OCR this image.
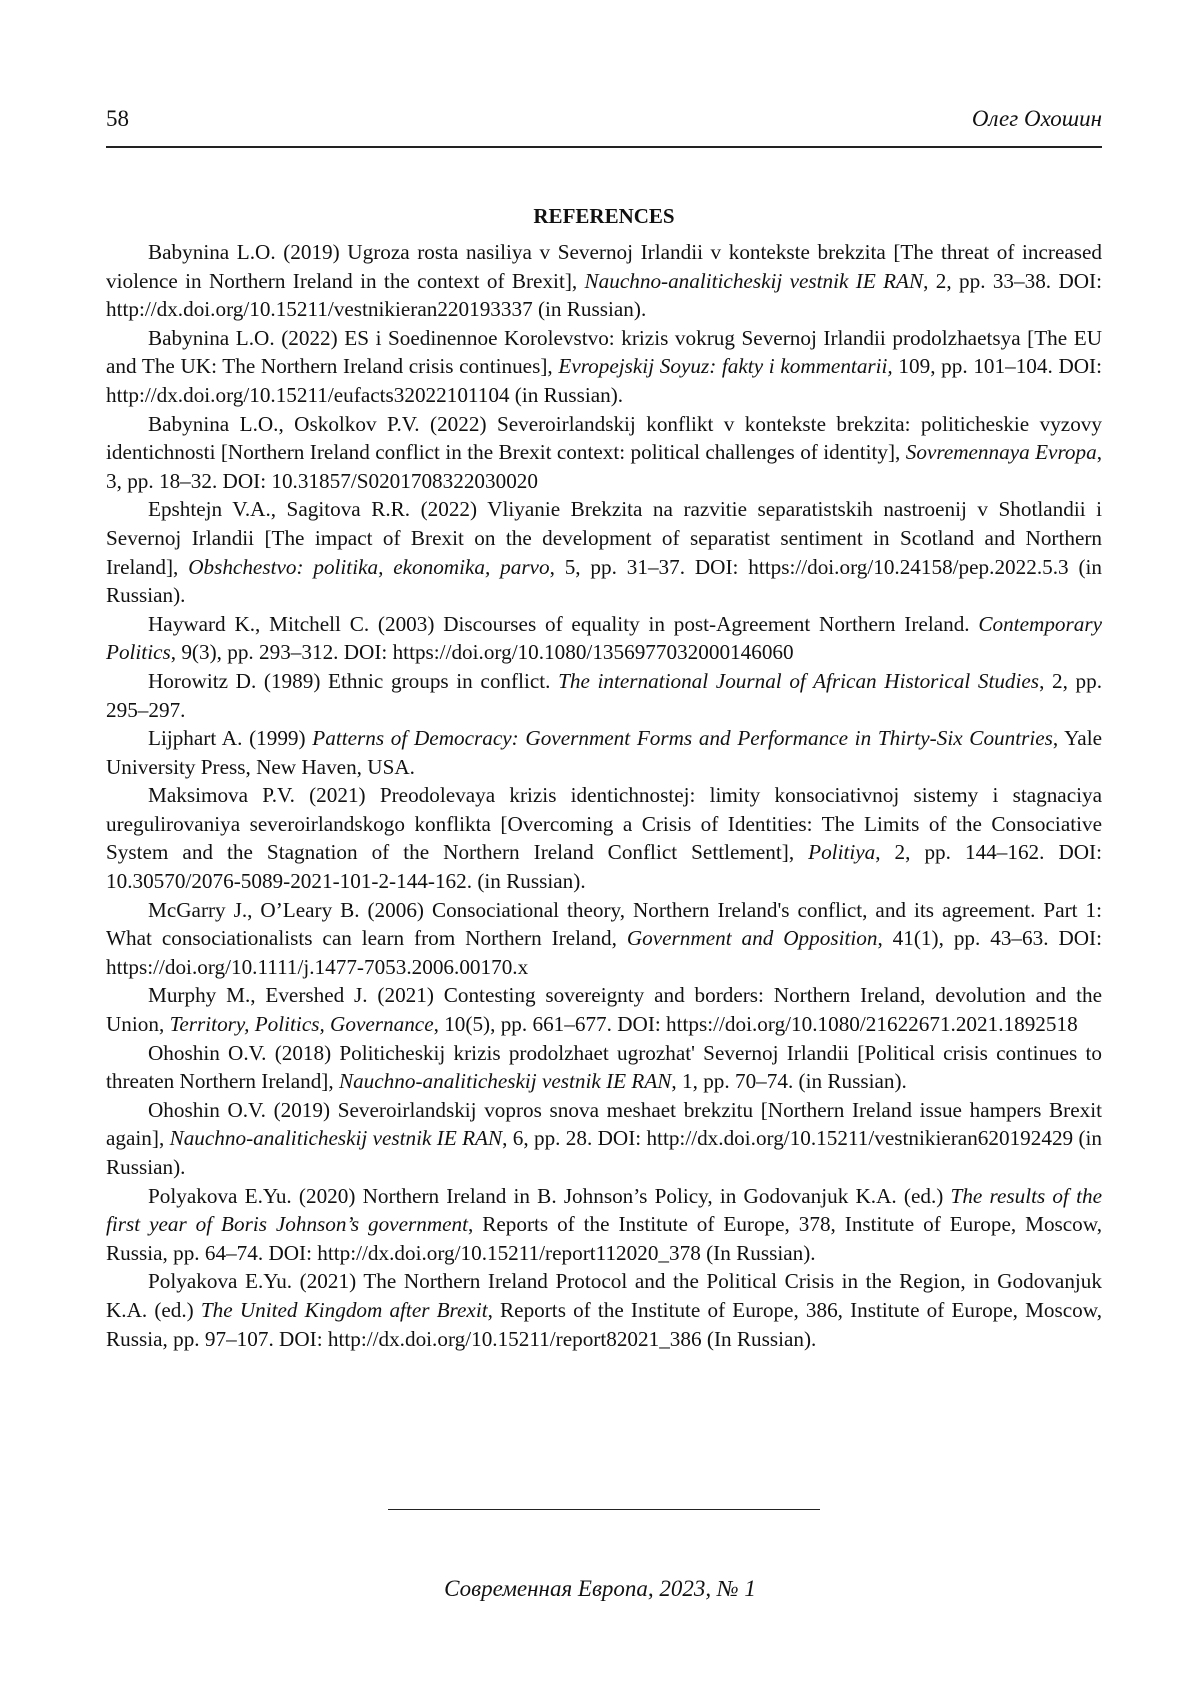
58	Олег Охошин
REFERENCES

Babynina L.O. (2019) Ugroza rosta nasiliya v Severnoj Irlandii v kontekste brekzita [The threat of increased violence in Northern Ireland in the context of Brexit], Nauchno-analiticheskij vestnik IE RAN, 2, pp. 33–38. DOI: http://dx.doi.org/10.15211/vestnikieran220193337 (in Russian).

Babynina L.O. (2022) ES i Soedinennoe Korolevstvo: krizis vokrug Severnoj Irlandii prodolzhaetsya [The EU and The UK: The Northern Ireland crisis continues], Evropejskij Soyuz: fakty i kommentarii, 109, pp. 101–104. DOI: http://dx.doi.org/10.15211/eufacts32022101104 (in Russian).

Babynina L.O., Oskolkov P.V. (2022) Severoirlandskij konflikt v kontekste brekzita: politicheskie vyzovy identichnosti [Northern Ireland conflict in the Brexit context: political challenges of identity], Sovremennaya Evropa, 3, pp. 18–32. DOI: 10.31857/S0201708322030020

Epshtejn V.A., Sagitova R.R. (2022) Vliyanie Brekzita na razvitie separatistskih nastroenij v Shotlandii i Severnoj Irlandii [The impact of Brexit on the development of separatist sentiment in Scotland and Northern Ireland], Obshchestvo: politika, ekonomika, parvo, 5, pp. 31–37. DOI: https://doi.org/10.24158/pep.2022.5.3 (in Russian).

Hayward K., Mitchell C. (2003) Discourses of equality in post-Agreement Northern Ireland. Contemporary Politics, 9(3), pp. 293–312. DOI: https://doi.org/10.1080/1356977032000146060

Horowitz D. (1989) Ethnic groups in conflict. The international Journal of African Historical Studies, 2, pp. 295–297.

Lijphart A. (1999) Patterns of Democracy: Government Forms and Performance in Thirty-Six Countries, Yale University Press, New Haven, USA.

Maksimova P.V. (2021) Preodolevaya krizis identichnostej: limity konsociativnoj sistemy i stagnaciya uregulirovaniya severoirlandskogo konflikta [Overcoming a Crisis of Identities: The Limits of the Consociative System and the Stagnation of the Northern Ireland Conflict Settlement], Politiya, 2, pp. 144–162. DOI: 10.30570/2076-5089-2021-101-2-144-162. (in Russian).

McGarry J., O’Leary B. (2006) Consociational theory, Northern Ireland's conflict, and its agreement. Part 1: What consociationalists can learn from Northern Ireland, Government and Opposition, 41(1), pp. 43–63. DOI: https://doi.org/10.1111/j.1477-7053.2006.00170.x

Murphy M., Evershed J. (2021) Contesting sovereignty and borders: Northern Ireland, devolution and the Union, Territory, Politics, Governance, 10(5), pp. 661–677. DOI: https://doi.org/10.1080/21622671.2021.1892518

Ohoshin O.V. (2018) Politicheskij krizis prodolzhaet ugrozhat' Severnoj Irlandii [Political crisis continues to threaten Northern Ireland], Nauchno-analiticheskij vestnik IE RAN, 1, pp. 70–74. (in Russian).

Ohoshin O.V. (2019) Severoirlandskij vopros snova meshaet brekzitu [Northern Ireland issue hampers Brexit again], Nauchno-analiticheskij vestnik IE RAN, 6, pp. 28. DOI: http://dx.doi.org/10.15211/vestnikieran620192429 (in Russian).

Polyakova E.Yu. (2020) Northern Ireland in B. Johnson’s Policy, in Godovanjuk K.A. (ed.) The results of the first year of Boris Johnson’s government, Reports of the Institute of Europe, 378, Institute of Europe, Moscow, Russia, pp. 64–74. DOI: http://dx.doi.org/10.15211/report112020_378 (In Russian).

Polyakova E.Yu. (2021) The Northern Ireland Protocol and the Political Crisis in the Region, in Godovanjuk K.A. (ed.) The United Kingdom after Brexit, Reports of the Institute of Europe, 386, Institute of Europe, Moscow, Russia, pp. 97–107. DOI: http://dx.doi.org/10.15211/report82021_386 (In Russian).

Современная Европа, 2023, № 1
